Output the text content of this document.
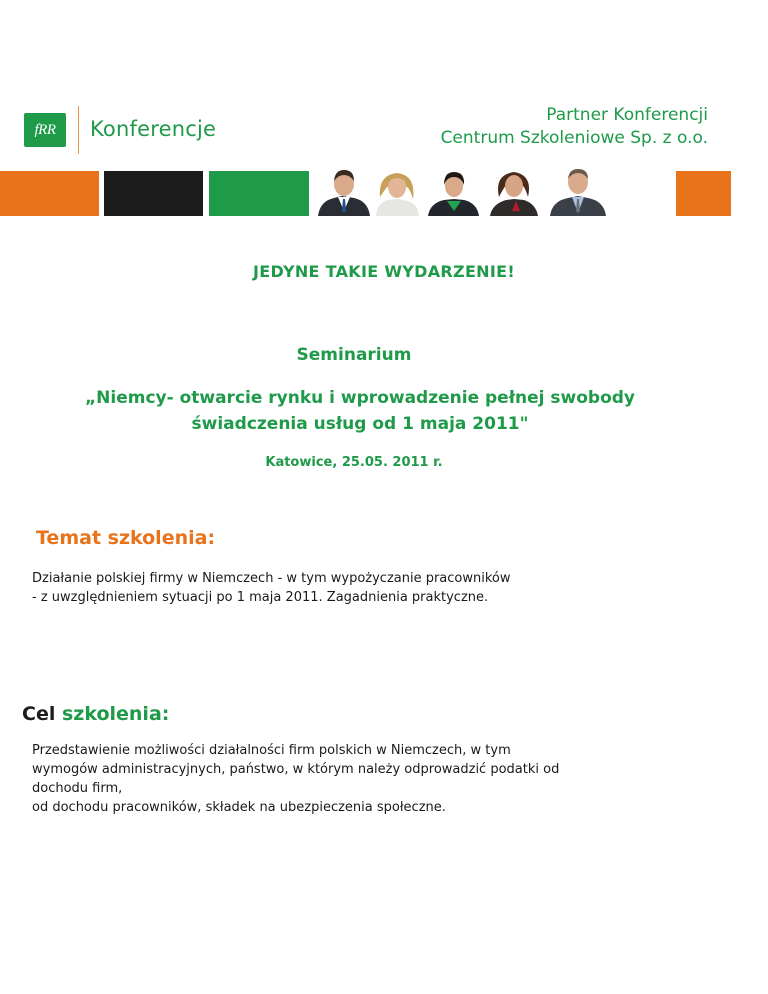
fRR Konferencje
Partner Konferencji
Centrum Szkoleniowe Sp. z o.o.
JEDYNE TAKIE WYDARZENIE!
Seminarium
„Niemcy- otwarcie rynku i wprowadzenie pełnej swobody
świadczenia usług od 1 maja 2011"
Katowice, 25.05. 2011 r.
Temat szkolenia:
Działanie polskiej firmy w Niemczech - w tym wypożyczanie pracowników
- z uwzględnieniem sytuacji po 1 maja 2011. Zagadnienia praktyczne.
Cel szkolenia:
Przedstawienie możliwości działalności firm polskich w Niemczech, w tym
wymogów administracyjnych, państwo, w którym należy odprowadzić podatki od
dochodu firm,
od dochodu pracowników, składek na ubezpieczenia społeczne.
